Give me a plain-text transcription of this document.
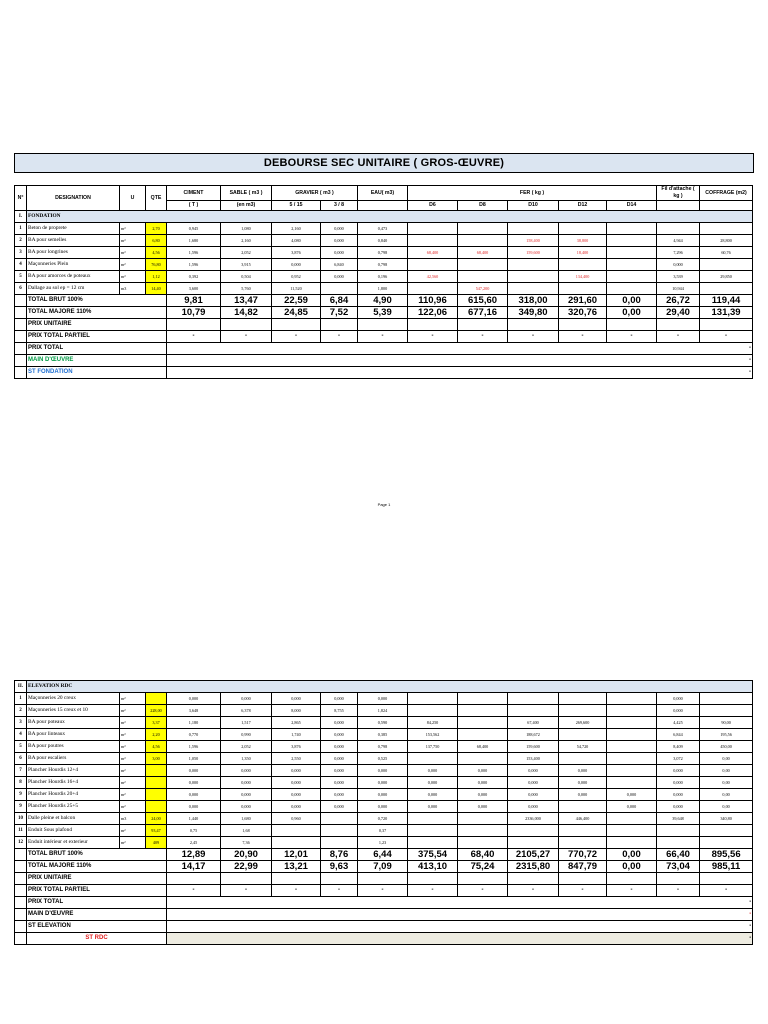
DEBOURSE SEC UNITAIRE ( GROS-ŒUVRE)
N°	DESIGNATION	U	QTE	CIMENT	SABLE ( m3 )	GRAVIER ( m3 )		EAU( m3)	FER ( kg )					Fil d'attache ( kg )	COFFRAGE (m2)
				( T )	(en m3)	5 / 15	3 / 8		D6	D8	D10	D12	D14		
I.	FONDATION														
1	Beton de proprete	m³	2,70	0,945	1,080	2,160	0,000	0,473							
2	BA pour semelles	m³	6,80	1,680	2,160	4,080	0,000	0,840			158,400	38,800		4,944	28,800
3	BA pour longrines	m³	4,56	1,596	2,052	3,876	0,000	0,798	68,400	68,400	159,600	18,400		7,296	60,76
4	Maçonneries Plein	m²	76,80	1,596	3,915	0,000	6,840	0,798						0,000	
5	BA pour amorces de poteaux	m³	1,12	0,392	0,504	0,952	0,000	0,196	42,560			134,400		3,539	29,850
6	Dallage au sol ep = 12 cm	m3	14,40	3,600	5,760	11,520		1,800		547,200				10,944	
	TOTAL BRUT 100%			9,81	13,47	22,59	6,84	4,90	110,96	615,60	318,00	291,60	0,00	26,72	119,44
	TOTAL MAJORE 110%			10,79	14,82	24,85	7,52	5,39	122,06	677,16	349,80	320,76	0,00	29,40	131,39
	PRIX UNITAIRE														
	PRIX TOTAL PARTIEL			-	-	-	-	-	-	-	-	-	-	-	-
	PRIX TOTAL			-											
	MAIN D'ŒUVRE			-											
	ST FONDATION			-											
Page 1
II.	ELEVATION RDC														
1	Maçonneries 20 creux	m²		0,000	0,000	0,000	0,000	0,000						0,000	
2	Maçonneries 15 creux et 10	m²	228,00	3,648	6,378	8,000	8,755	1,824						0,000	
3	BA pour poteaux	m³	3,37	1,180	1,517	2,865	0,000	0,590	84,250		67,400	269,600		4,425	90,00
4	BA pour linteaux	m³	2,20	0,770	0,990	1,740	0,000	0,385	153,562		188,672			6,844	195,56
5	BA pour poutres	m³	4,56	1,596	2,052	3,876	0,000	0,798	137,750	68,400	159,600	54,720		8,409	450,00
6	BA pour escaliers	m³	3,00	1,050	1,350	2,550	0,000	0,525			153,400			3,072	0,00
7	Plancher Hourdis 12+4	m²		0,000	0,000	0,000	0,000	0,000	0,000	0,000	0,000	0,000		0,000	0,00
8	Plancher Hourdis 16+4	m²		0,000	0,000	0,000	0,000	0,000	0,000	0,000	0,000	0,000		0,000	0,00
9	Plancher Hourdis 20+4	m²		0,000	0,000	0,000	0,000	0,000	0,000	0,000	0,000	0,000	0,000	0,000	0,00
9	Plancher Hourdis 25+5	m²		0,000	0,000	0,000	0,000	0,000	0,000	0,000	0,000		0,000	0,000	0,00
10	Dalle pleine et balcon	m3	24,00	1,440	1,680	0,960		0,720			2336,000	446,400		39,648	340,80
11	Enduit Sous plafond	m²	93,47	0,75	1,68			0,37							
12	Enduit intérieur et exterieur	m²	409	2,45	7,36			1,23							
	TOTAL BRUT 100%			12,89	20,90	12,01	8,76	6,44	375,54	68,40	2105,27	770,72	0,00	66,40	895,56
	TOTAL MAJORE 110%			14,17	22,99	13,21	9,63	7,09	413,10	75,24	2315,80	847,79	0,00	73,04	985,11
	PRIX UNITAIRE														
	PRIX TOTAL PARTIEL			-	-	-	-	-	-	-	-	-	-	-	-
	PRIX TOTAL			-											
	MAIN D'ŒUVRE			-											
	ST ELEVATION			-											
	ST RDC			-											
